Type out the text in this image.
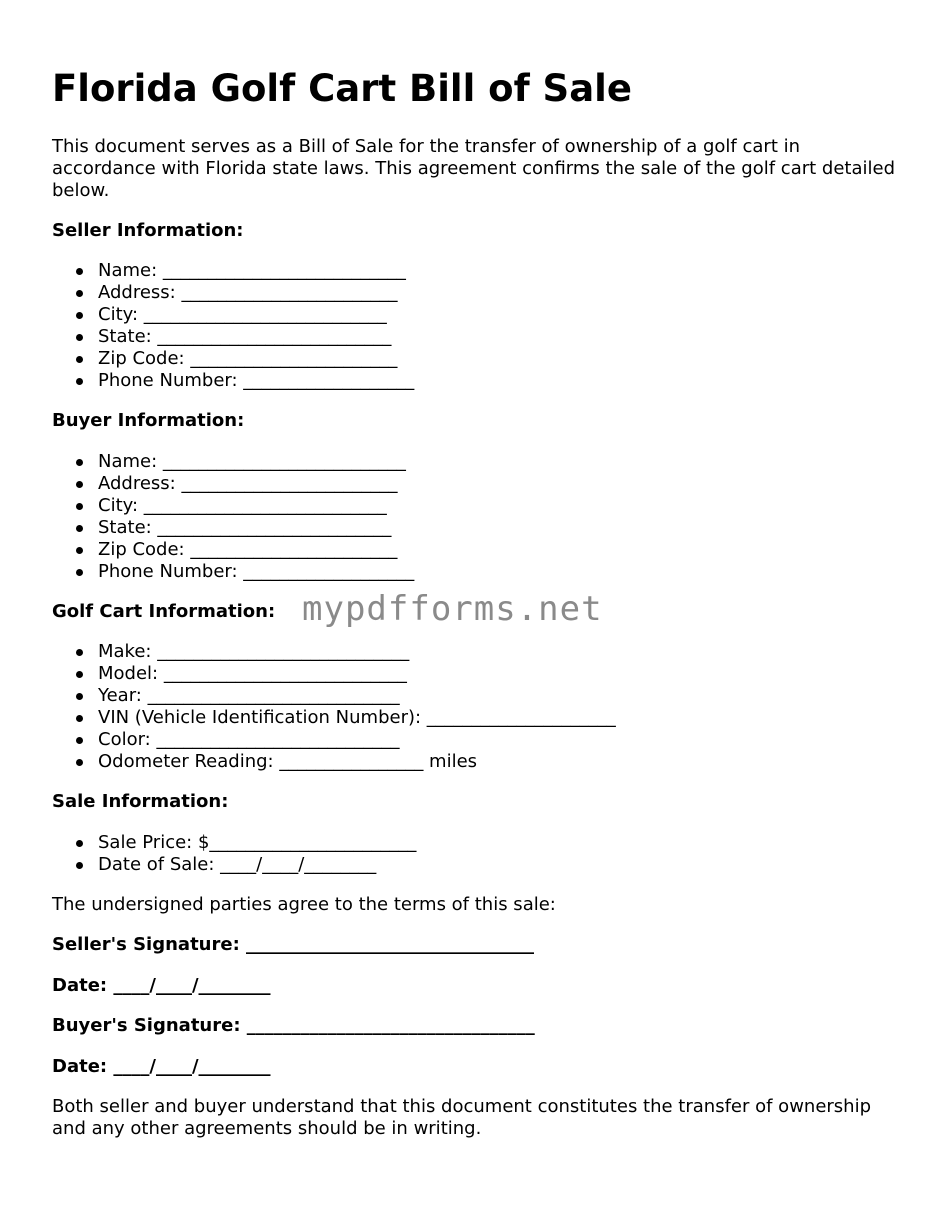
Florida Golf Cart Bill of Sale
This document serves as a Bill of Sale for the transfer of ownership of a golf cart in accordance with Florida state laws. This agreement confirms the sale of the golf cart detailed below.
Seller Information:
Name: ___________________________
Address: ________________________
City: ___________________________
State: __________________________
Zip Code: _______________________
Phone Number: ___________________
Buyer Information:
Name: ___________________________
Address: ________________________
City: ___________________________
State: __________________________
Zip Code: _______________________
Phone Number: ___________________
Golf Cart Information:
Make: ____________________________
Model: ___________________________
Year: ____________________________
VIN (Vehicle Identification Number): _____________________
Color: ___________________________
Odometer Reading: ________________ miles
Sale Information:
Sale Price: $_______________________
Date of Sale: ____/____/________
The undersigned parties agree to the terms of this sale:
Seller's Signature: ________________________________
Date: ____/____/________
Buyer's Signature: ________________________________
Date: ____/____/________
Both seller and buyer understand that this document constitutes the transfer of ownership and any other agreements should be in writing.
mypdfforms.net
